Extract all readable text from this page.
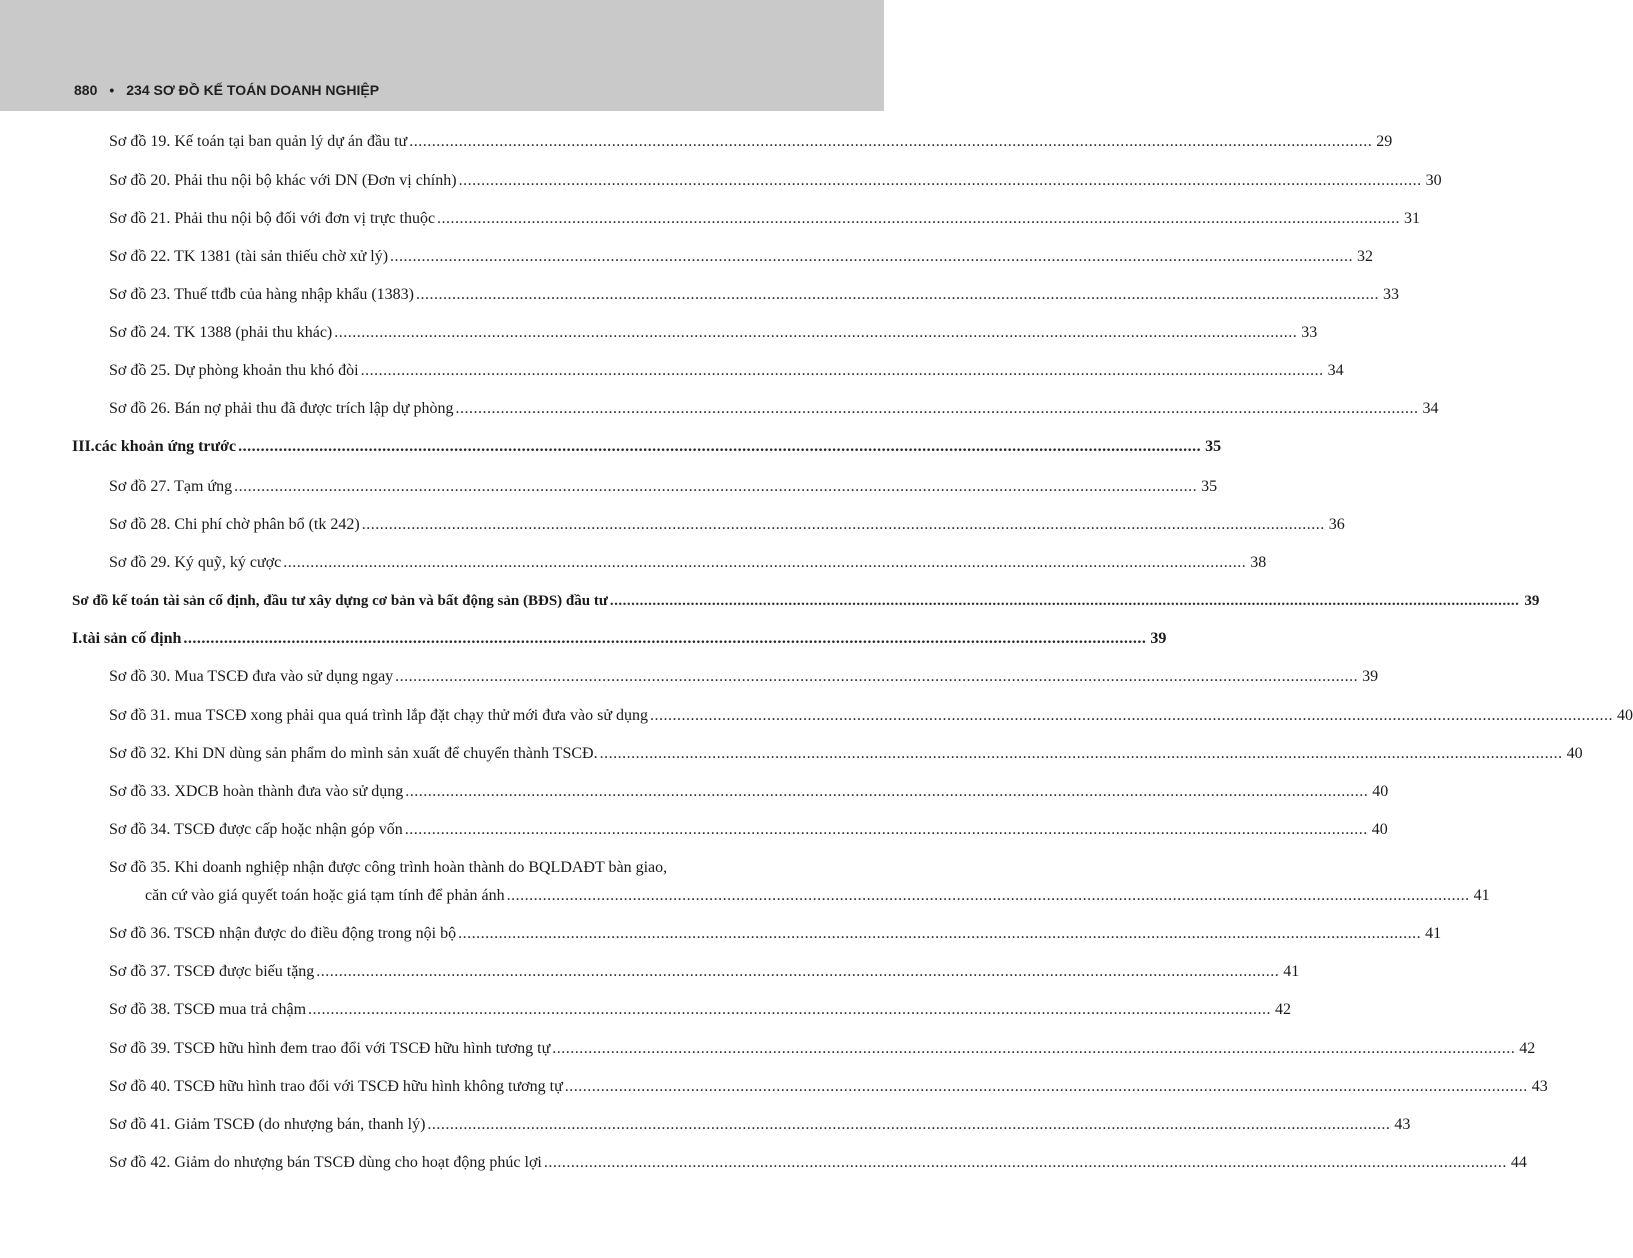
880 • 234 SƠ ĐỒ KẾ TOÁN DOANH NGHIỆP
Sơ đồ 19. Kế toán tại ban quản lý dự án đầu tư ...................................................................................................................................................................................................................... 29
Sơ đồ 20. Phải thu nội bộ khác với DN (Đơn vị chính) ...................................................................................................................................................................................................................... 30
Sơ đồ 21. Phải thu nội bộ đối với đơn vị trực thuộc ...................................................................................................................................................................................................................... 31
Sơ đồ 22. TK 1381 (tài sản thiếu chờ xử lý) ...................................................................................................................................................................................................................... 32
Sơ đồ 23. Thuế ttđb của hàng nhập khẩu (1383) ...................................................................................................................................................................................................................... 33
Sơ đồ 24. TK 1388 (phải thu khác) ...................................................................................................................................................................................................................... 33
Sơ đồ 25. Dự phòng khoản thu khó đòi ...................................................................................................................................................................................................................... 34
Sơ đồ 26. Bán nợ phải thu đã được trích lập dự phòng ...................................................................................................................................................................................................................... 34
III. các khoản ứng trước ...................................................................................................................................................................................................................... 35
Sơ đồ 27. Tạm ứng ...................................................................................................................................................................................................................... 35
Sơ đồ 28. Chi phí chờ phân bổ (tk 242) ...................................................................................................................................................................................................................... 36
Sơ đồ 29. Ký quỹ, ký cược ...................................................................................................................................................................................................................... 38
Sơ đồ kế toán tài sản cố định, đầu tư xây dựng cơ bản và bất động sản (BĐS) đầu tư ...................................................................................................................................................................................................................... 39
I. tài sản cố định ...................................................................................................................................................................................................................... 39
Sơ đồ 30. Mua TSCĐ đưa vào sử dụng ngay ...................................................................................................................................................................................................................... 39
Sơ đồ 31. mua TSCĐ xong phải qua quá trình lắp đặt chạy thử mới đưa vào sử dụng ...................................................................................................................................................................................................................... 40
Sơ đồ 32. Khi DN dùng sản phẩm do mình sản xuất để chuyển thành TSCĐ. ...................................................................................................................................................................................................................... 40
Sơ đồ 33. XDCB hoàn thành đưa vào sử dụng ...................................................................................................................................................................................................................... 40
Sơ đồ 34. TSCĐ được cấp hoặc nhận góp vốn ...................................................................................................................................................................................................................... 40
Sơ đồ 35. Khi doanh nghiệp nhận được công trình hoàn thành do BQLDAĐT bàn giao,
căn cứ vào giá quyết toán hoặc giá tạm tính để phản ánh ...................................................................................................................................................................................................................... 41
Sơ đồ 36. TSCĐ nhận được do điều động trong nội bộ ...................................................................................................................................................................................................................... 41
Sơ đồ 37. TSCĐ được biếu tặng ...................................................................................................................................................................................................................... 41
Sơ đồ 38. TSCĐ mua trả chậm ...................................................................................................................................................................................................................... 42
Sơ đồ 39. TSCĐ hữu hình đem trao đổi với TSCĐ hữu hình tương tự ...................................................................................................................................................................................................................... 42
Sơ đồ 40. TSCĐ hữu hình trao đổi với TSCĐ hữu hình không tương tự ...................................................................................................................................................................................................................... 43
Sơ đồ 41. Giảm TSCĐ (do nhượng bán, thanh lý) ...................................................................................................................................................................................................................... 43
Sơ đồ 42. Giảm do nhượng bán TSCĐ dùng cho hoạt động phúc lợi ...................................................................................................................................................................................................................... 44
